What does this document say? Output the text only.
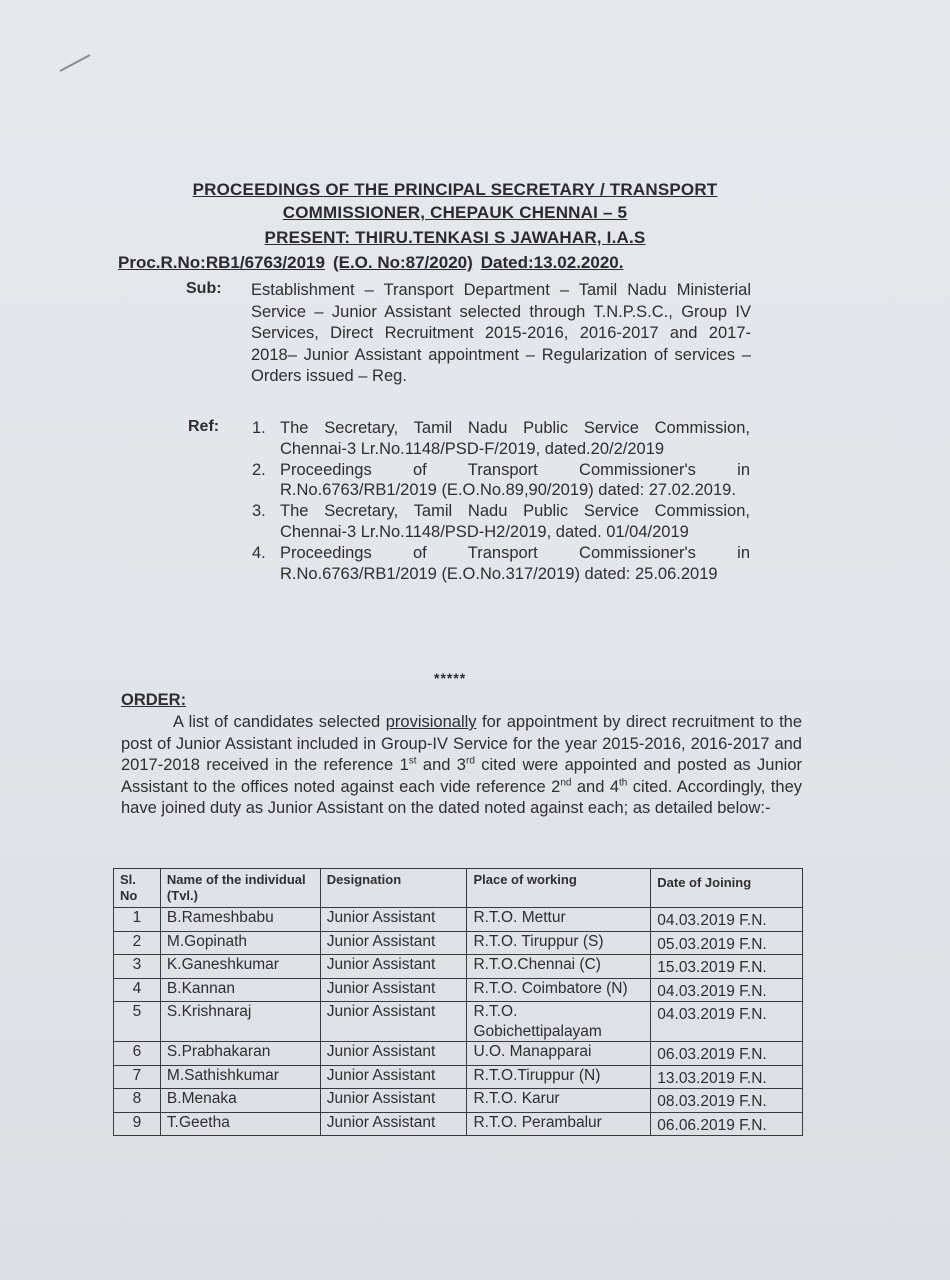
PROCEEDINGS OF THE PRINCIPAL SECRETARY / TRANSPORT
COMMISSIONER, CHEPAUK CHENNAI – 5
PRESENT: THIRU.TENKASI S JAWAHAR, I.A.S
Proc.R.No:RB1/6763/2019 (E.O. No:87/2020) Dated:13.02.2020.
Sub: Establishment – Transport Department – Tamil Nadu Ministerial Service – Junior Assistant selected through T.N.P.S.C., Group IV Services, Direct Recruitment 2015-2016, 2016-2017 and 2017-2018– Junior Assistant appointment – Regularization of services – Orders issued – Reg.
Ref: 1. The Secretary, Tamil Nadu Public Service Commission, Chennai-3 Lr.No.1148/PSD-F/2019, dated.20/2/2019
2. Proceedings of Transport Commissioner's in R.No.6763/RB1/2019 (E.O.No.89,90/2019) dated: 27.02.2019.
3. The Secretary, Tamil Nadu Public Service Commission, Chennai-3 Lr.No.1148/PSD-H2/2019, dated. 01/04/2019
4. Proceedings of Transport Commissioner's in R.No.6763/RB1/2019 (E.O.No.317/2019) dated: 25.06.2019
*****
ORDER:
A list of candidates selected provisionally for appointment by direct recruitment to the post of Junior Assistant included in Group-IV Service for the year 2015-2016, 2016-2017 and 2017-2018 received in the reference 1st and 3rd cited were appointed and posted as Junior Assistant to the offices noted against each vide reference 2nd and 4th cited. Accordingly, they have joined duty as Junior Assistant on the dated noted against each; as detailed below:-
Sl. No	Name of the individual (Tvl.)	Designation	Place of working	Date of Joining
1	B.Rameshbabu	Junior Assistant	R.T.O. Mettur	04.03.2019 F.N.
2	M.Gopinath	Junior Assistant	R.T.O. Tiruppur (S)	05.03.2019 F.N.
3	K.Ganeshkumar	Junior Assistant	R.T.O.Chennai (C)	15.03.2019 F.N.
4	B.Kannan	Junior Assistant	R.T.O. Coimbatore (N)	04.03.2019 F.N.
5	S.Krishnaraj	Junior Assistant	R.T.O. Gobichettipalayam	04.03.2019 F.N.
6	S.Prabhakaran	Junior Assistant	U.O. Manapparai	06.03.2019 F.N.
7	M.Sathishkumar	Junior Assistant	R.T.O.Tiruppur (N)	13.03.2019 F.N.
8	B.Menaka	Junior Assistant	R.T.O. Karur	08.03.2019 F.N.
9	T.Geetha	Junior Assistant	R.T.O. Perambalur	06.06.2019 F.N.
